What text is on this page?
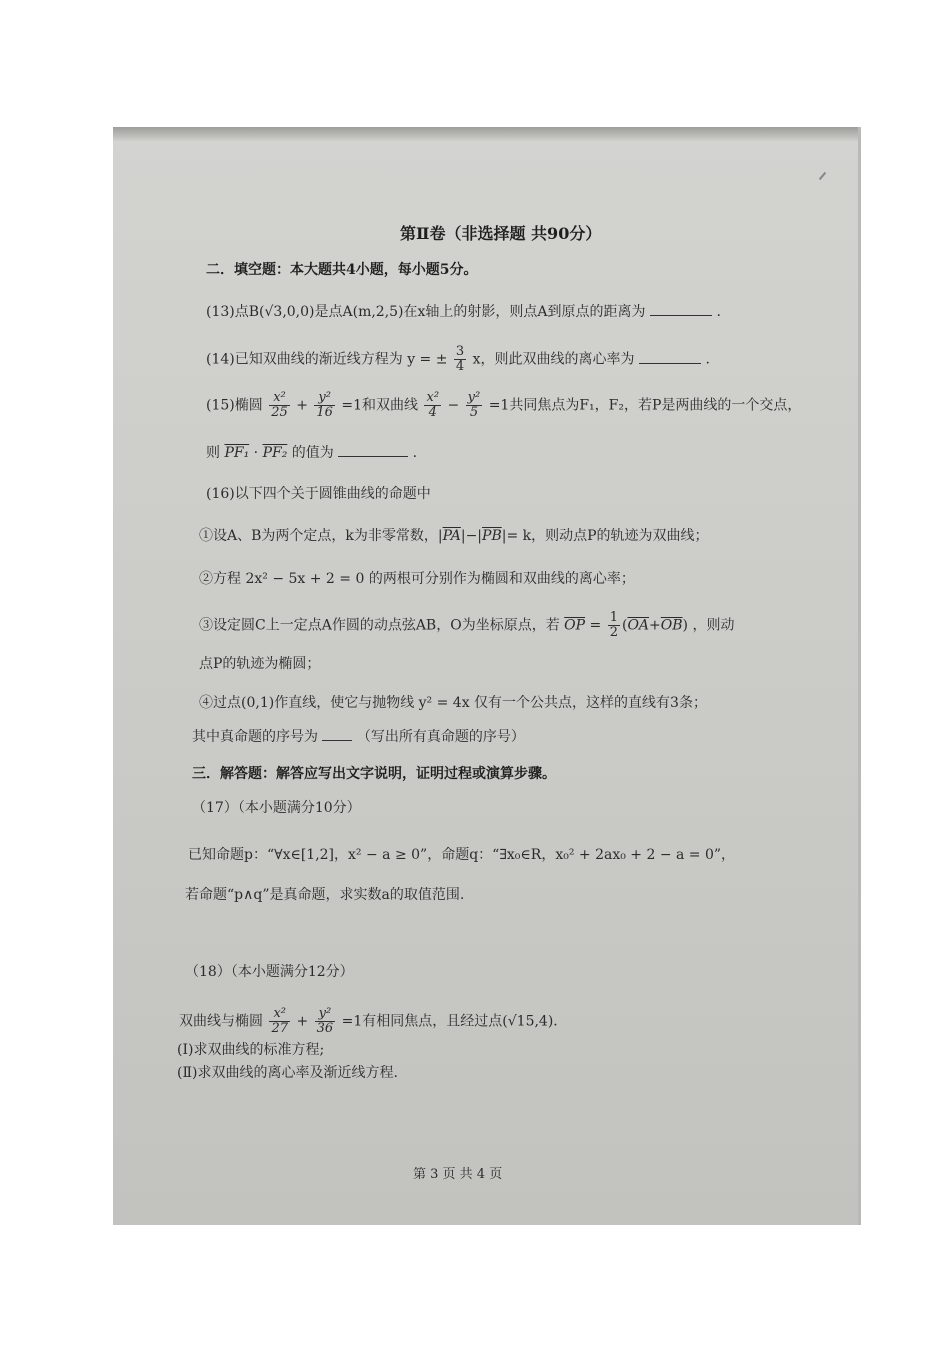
第Ⅱ卷（非选择题 共90分）
二．填空题：本大题共4小题，每小题5分。
(13)点B(√3,0,0)是点A(m,2,5)在x轴上的射影，则点A到原点的距离为	.
(14)已知双曲线的渐近线方程为 y = ± $\frac{3}{4}$ x，则此双曲线的离心率为	.
(15)椭圆 $\frac{\text{x²}}{25} + \frac{\text{y²}}{16} =1$和双曲线 $\frac{\text{x²}}{4} - \frac{\text{y²}}{5} =1$共同焦点为F₁，F₂，若P是两曲线的一个交点，
则 PF₁ · PF₂ 的值为	.
(16)以下四个关于圆锥曲线的命题中
①设A、B为两个定点，k为非零常数，$|\overline{PA}|-|\overline{PB}|= k$，则动点P的轨迹为双曲线；
②方程 2x² − 5x + 2 = 0 的两根可分别作为椭圆和双曲线的离心率；
③设定圆C上一定点A作圆的动点弦AB，O为坐标原点，若 $\overline{OP} = \frac{1}{2} (\overline{OA}+\overline{OB})$ ，则动
点P的轨迹为椭圆；
④过点(0,1)作直线，使它与抛物线 y² = 4x 仅有一个公共点，这样的直线有3条；
其中真命题的序号为	（写出所有真命题的序号）
三．解答题：解答应写出文字说明，证明过程或演算步骤。
（17）（本小题满分10分）
已知命题p：“∀x∈[1,2]，x² − a ≥ 0”，命题q：“∃x₀∈R，x₀² + 2ax₀ + 2 − a = 0”，
若命题“p∧q”是真命题，求实数a的取值范围.
（18）（本小题满分12分）
双曲线与椭圆 $\frac{\text{x²}}{27} + \frac{\text{y²}}{36} =1$有相同焦点，且经过点(√15,4)．
(Ⅰ)求双曲线的标准方程;
(Ⅱ)求双曲线的离心率及渐近线方程.
第 3 页 共 4 页
